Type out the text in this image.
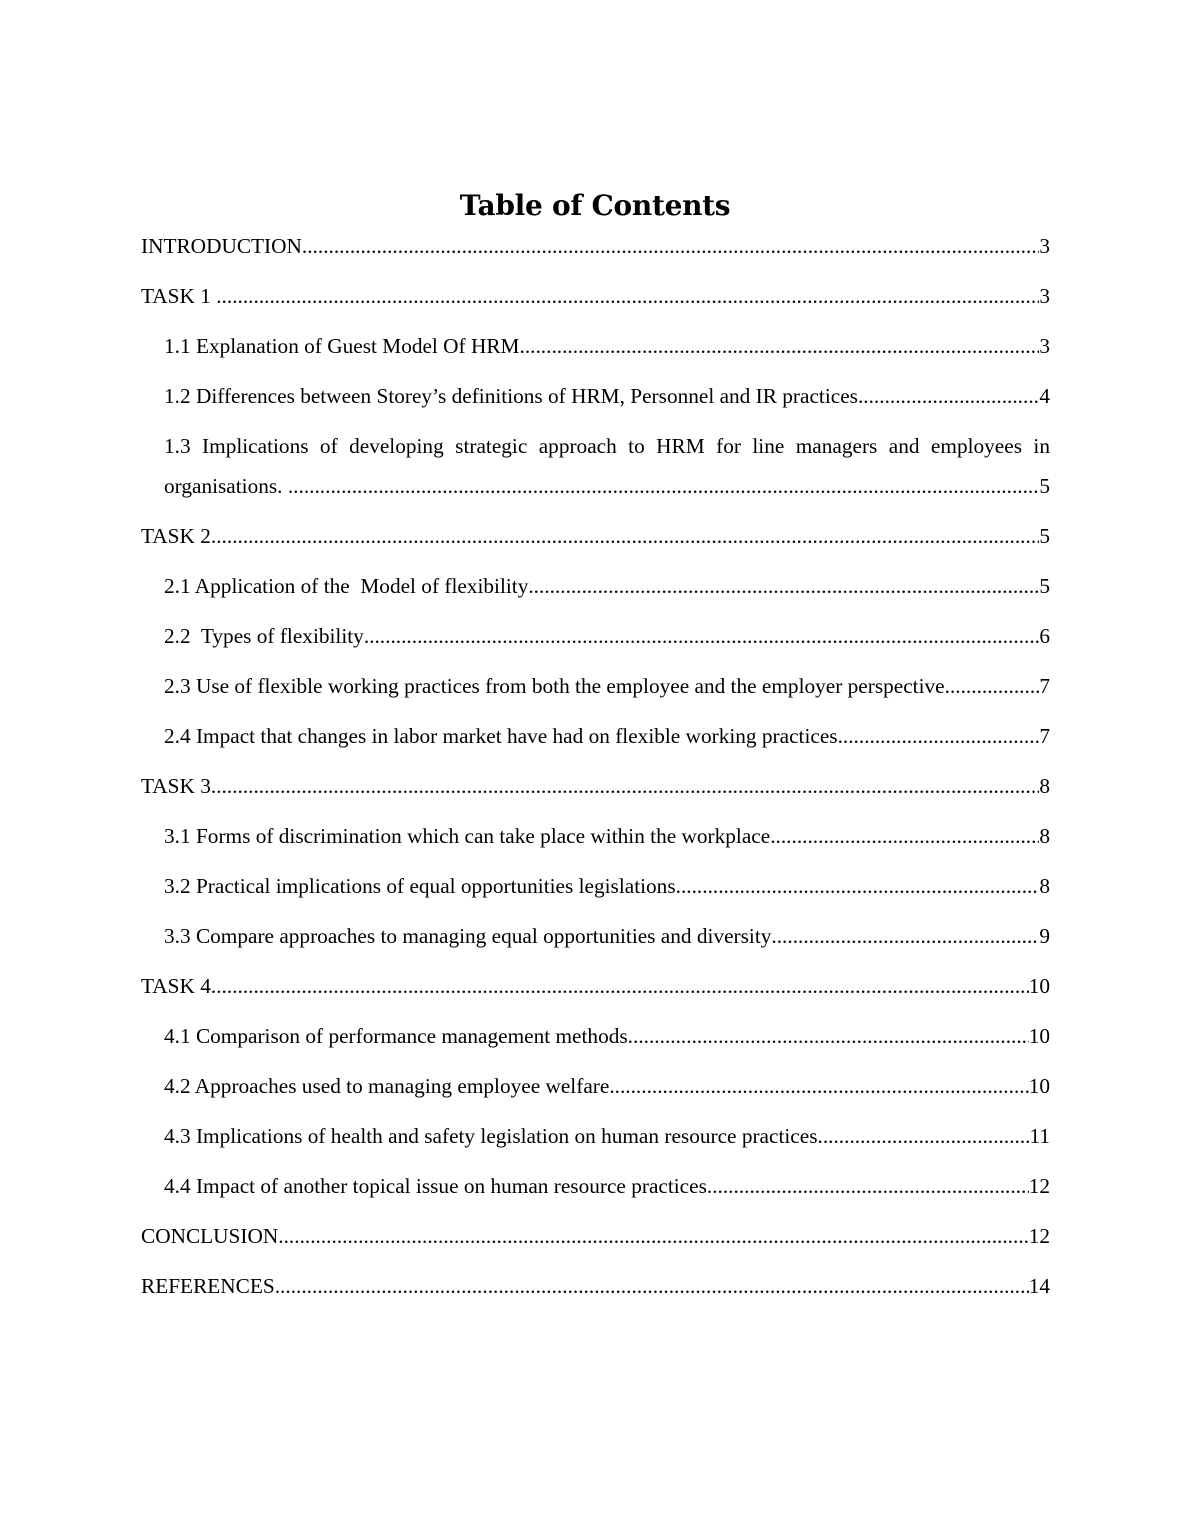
Table of Contents
INTRODUCTION .....	3
TASK 1 .....	3
1.1 Explanation of Guest Model Of HRM .....	3
1.2 Differences between Storey’s definitions of HRM, Personnel and IR practices .....	4
1.3 Implications of developing strategic approach to HRM for line managers and employees in
organisations. .....	5
TASK 2 .....	5
2.1 Application of the  Model of flexibility .....	5
2.2  Types of flexibility .....	6
2.3 Use of flexible working practices from both the employee and the employer perspective .....	7
2.4 Impact that changes in labor market have had on flexible working practices .....	7
TASK 3 .....	8
3.1 Forms of discrimination which can take place within the workplace .....	8
3.2 Practical implications of equal opportunities legislations .....	8
3.3 Compare approaches to managing equal opportunities and diversity .....	9
TASK 4 .....	10
4.1 Comparison of performance management methods .....	10
4.2 Approaches used to managing employee welfare .....	10
4.3 Implications of health and safety legislation on human resource practices .....	11
4.4 Impact of another topical issue on human resource practices .....	12
CONCLUSION .....	12
REFERENCES .....	14
